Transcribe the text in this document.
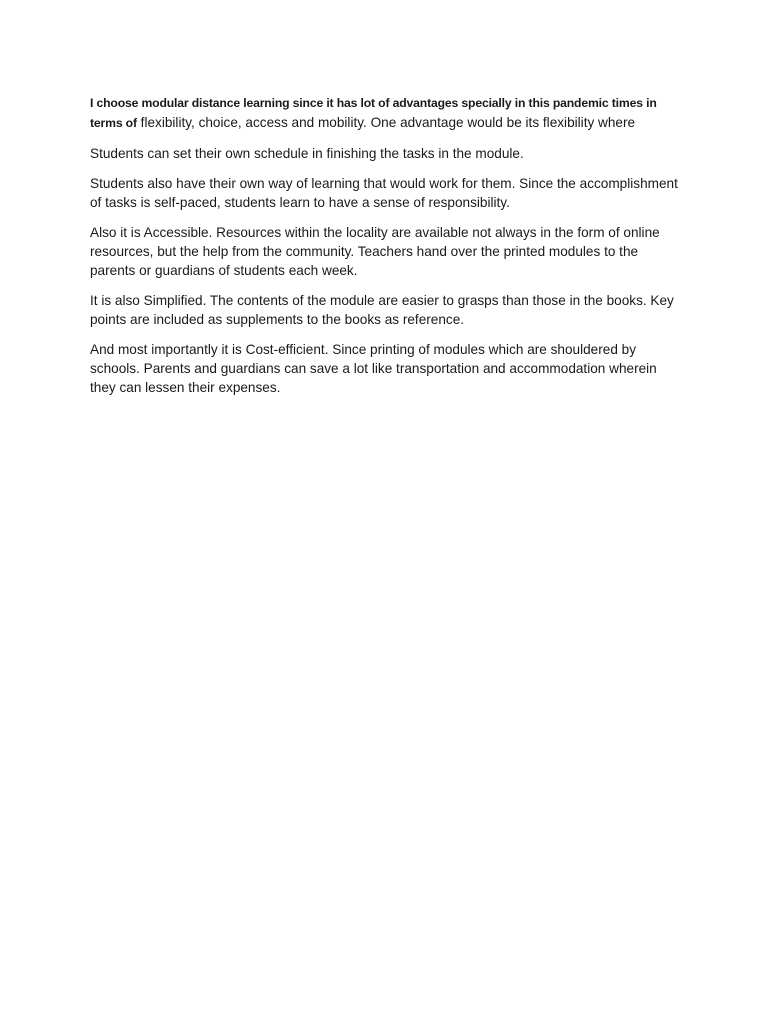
I choose modular distance learning since it has lot of advantages specially in this pandemic times in terms of flexibility, choice, access and mobility. One advantage would be its flexibility where

Students can set their own schedule in finishing the tasks in the module.

Students also have their own way of learning that would work for them. Since the accomplishment of tasks is self-paced, students learn to have a sense of responsibility.

Also it is Accessible. Resources within the locality are available not always in the form of online resources, but the help from the community. Teachers hand over the printed modules to the parents or guardians of students each week.

It is also Simplified. The contents of the module are easier to grasps than those in the books. Key points are included as supplements to the books as reference.

And most importantly it is Cost-efficient. Since printing of modules which are shouldered by schools. Parents and guardians can save a lot like transportation and accommodation wherein they can lessen their expenses.
